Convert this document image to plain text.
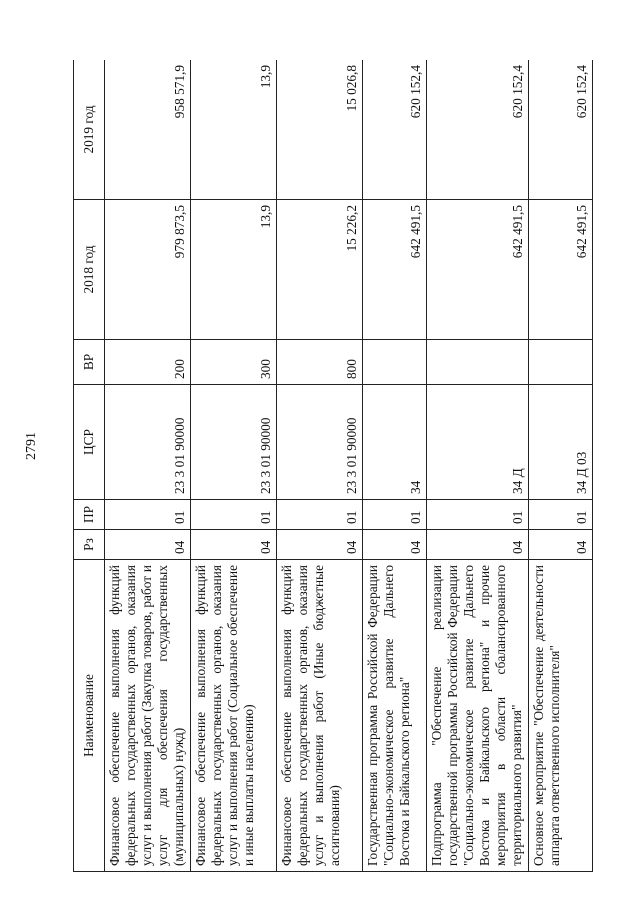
2791
Наименование	Рз	ПР	ЦСР	ВР	2018 год	2019 год
Финансовое обеспечение выполнения функций федеральных государственных органов, оказания услуг и выполнения работ (Закупка товаров, работ и услуг для обеспечения государственных (муниципальных) нужд)	04	01	23 3 01 90000	200	979 873,5	958 571,9
Финансовое обеспечение выполнения функций федеральных государственных органов, оказания услуг и выполнения работ (Социальное обеспечение и иные выплаты населению)	04	01	23 3 01 90000	300	13,9	13,9
Финансовое обеспечение выполнения функций федеральных государственных органов, оказания услуг и выполнения работ (Иные бюджетные ассигнования)	04	01	23 3 01 90000	800	15 226,2	15 026,8
Государственная программа Российской Федерации "Социально-экономическое развитие Дальнего Востока и Байкальского региона"	04	01	34		642 491,5	620 152,4
Подпрограмма "Обеспечение реализации государственной программы Российской Федерации "Социально-экономическое развитие Дальнего Востока и Байкальского региона" и прочие мероприятия в области сбалансированного территориального развития"	04	01	34 Д		642 491,5	620 152,4
Основное мероприятие "Обеспечение деятельности аппарата ответственного исполнителя"	04	01	34 Д 03		642 491,5	620 152,4
